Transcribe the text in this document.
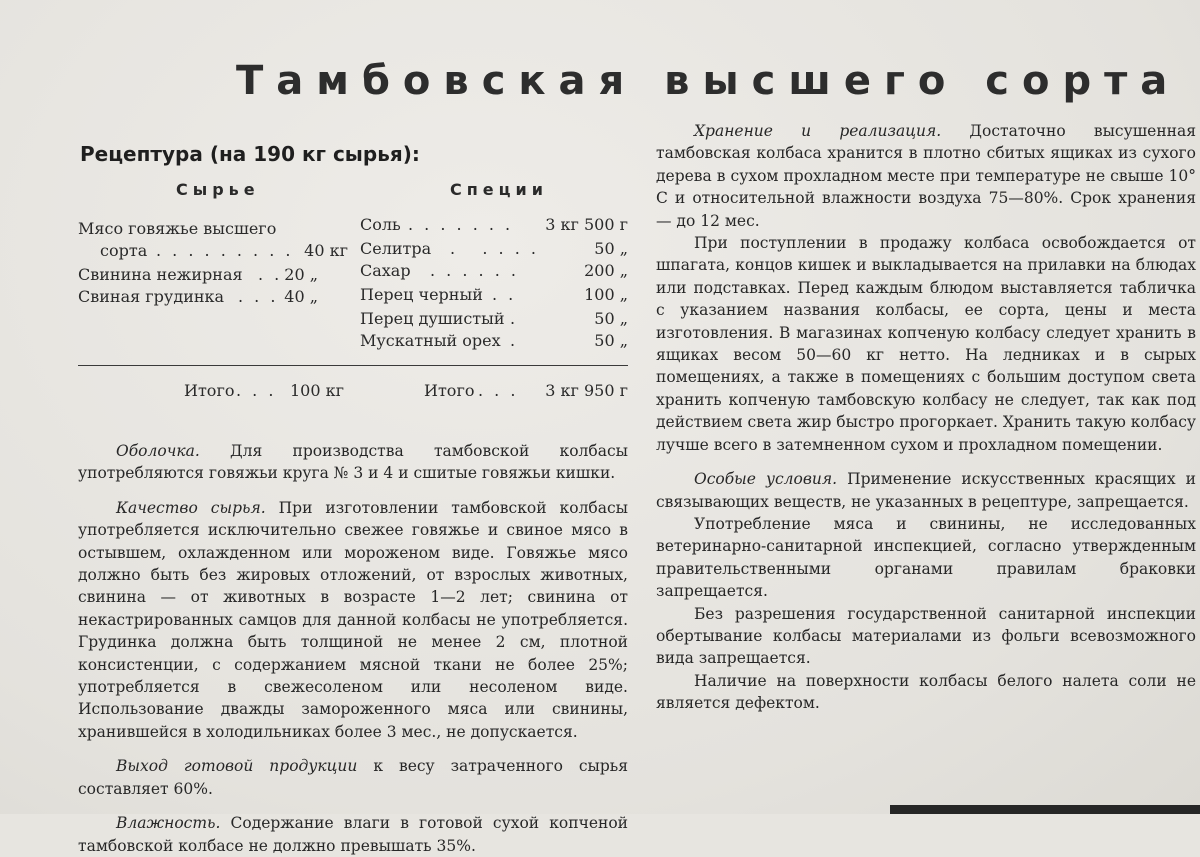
Тамбовская высшего сорта
Рецептура (на 190 кг сырья):
Сырье	Специи
Мясо говяжье высшего
сорта . . . . . . . . . 40 кг
Свинина нежирная . . 20 „
Свиная грудинка . . . 40 „
Соль . . . . . . . 3 кг 500 г
Селитра .   . . . .	50 „
Сахар . . . . . .	200 „
Перец черный . .	100 „
Перец душистый .	50 „
Мускатный орех .	50 „
Итого . . . 100 кг	Итого . . . 3 кг 950 г

Оболочка. Для производства тамбовской колбасы употребляются говяжьи круга № 3 и 4 и сшитые говяжьи кишки.

Качество сырья. При изготовлении тамбовской колбасы употребляется исключительно свежее говяжье и свиное мясо в остывшем, охлажденном или мороженом виде. Говяжье мясо должно быть без жировых отложений, от взрослых животных, свинина — от животных в возрасте 1—2 лет; свинина от некастрированных самцов для данной колбасы не употребляется. Грудинка должна быть толщиной не менее 2 см, плотной консистенции, с содержанием мясной ткани не более 25%; употребляется в свежесоленом или несоленом виде. Использование дважды замороженного мяса или свинины, хранившейся в холодильниках более 3 мес., не допускается.

Выход готовой продукции к весу затраченного сырья составляет 60%.

Влажность. Содержание влаги в готовой сухой копченой тамбовской колбасе не должно превышать 35%.

Хранение и реализация. Достаточно высушенная тамбовская колбаса хранится в плотно сбитых ящиках из сухого дерева в сухом прохладном месте при температуре не свыше 10° С и относительной влажности воздуха 75—80%. Срок хранения — до 12 мес.

При поступлении в продажу колбаса освобождается от шпагата, концов кишек и выкладывается на прилавки на блюдах или подставках. Перед каждым блюдом выставляется табличка с указанием названия колбасы, ее сорта, цены и места изготовления. В магазинах копченую колбасу следует хранить в ящиках весом 50—60 кг нетто. На ледниках и в сырых помещениях, а также в помещениях с большим доступом света хранить копченую тамбовскую колбасу не следует, так как под действием света жир быстро прогоркает. Хранить такую колбасу лучше всего в затемненном сухом и прохладном помещении.

Особые условия. Применение искусственных красящих и связывающих веществ, не указанных в рецептуре, запрещается.

Употребление мяса и свинины, не исследованных ветеринарно-санитарной инспекцией, согласно утвержденным правительственными органами правилам браковки запрещается.

Без разрешения государственной санитарной инспекции обертывание колбасы материалами из фольги всевозможного вида запрещается.

Наличие на поверхности колбасы белого налета соли не является дефектом.
